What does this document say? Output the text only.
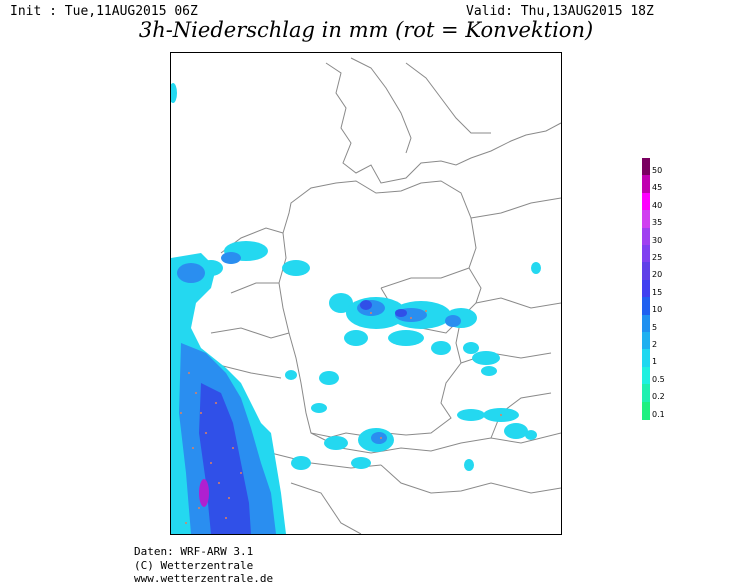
Init : Tue,11AUG2015 06Z	Valid: Thu,13AUG2015 18Z
3h-Niederschlag in mm (rot = Konvektion)
Daten: WRF-ARW 3.1
(C) Wetterzentrale
www.wetterzentrale.de
50
45
40
35
30
25
20
15
10
5
2
1
0.5
0.2
0.1
